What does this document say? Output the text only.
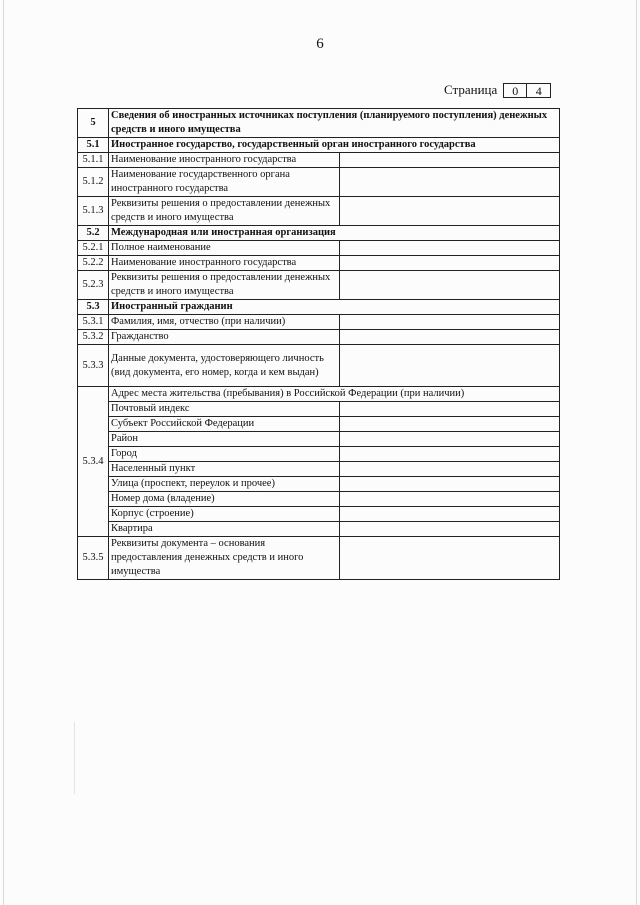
6
Страница	0	4
5	Сведения об иностранных источниках поступления (планируемого поступления) денежных средств и иного имущества	
5.1	Иностранное государство, государственный орган иностранного государства	
5.1.1	Наименование иностранного государства	
5.1.2	Наименование государственного органа иностранного государства	
5.1.3	Реквизиты решения о предоставлении денежных средств и иного имущества	
5.2	Международная или иностранная организация	
5.2.1	Полное наименование	
5.2.2	Наименование иностранного государства	
5.2.3	Реквизиты решения о предоставлении денежных средств и иного имущества	
5.3	Иностранный гражданин	
5.3.1	Фамилия, имя, отчество (при наличии)	
5.3.2	Гражданство	
5.3.3	Данные документа, удостоверяющего личность (вид документа, его номер, когда и кем выдан)	
5.3.4	Адрес места жительства (пребывания) в Российской Федерации (при наличии)	
	Почтовый индекс	
	Субъект Российской Федерации	
	Район	
	Город	
	Населенный пункт	
	Улица (проспект, переулок и прочее)	
	Номер дома (владение)	
	Корпус (строение)	
	Квартира	
5.3.5	Реквизиты документа – основания предоставления денежных средств и иного имущества	
